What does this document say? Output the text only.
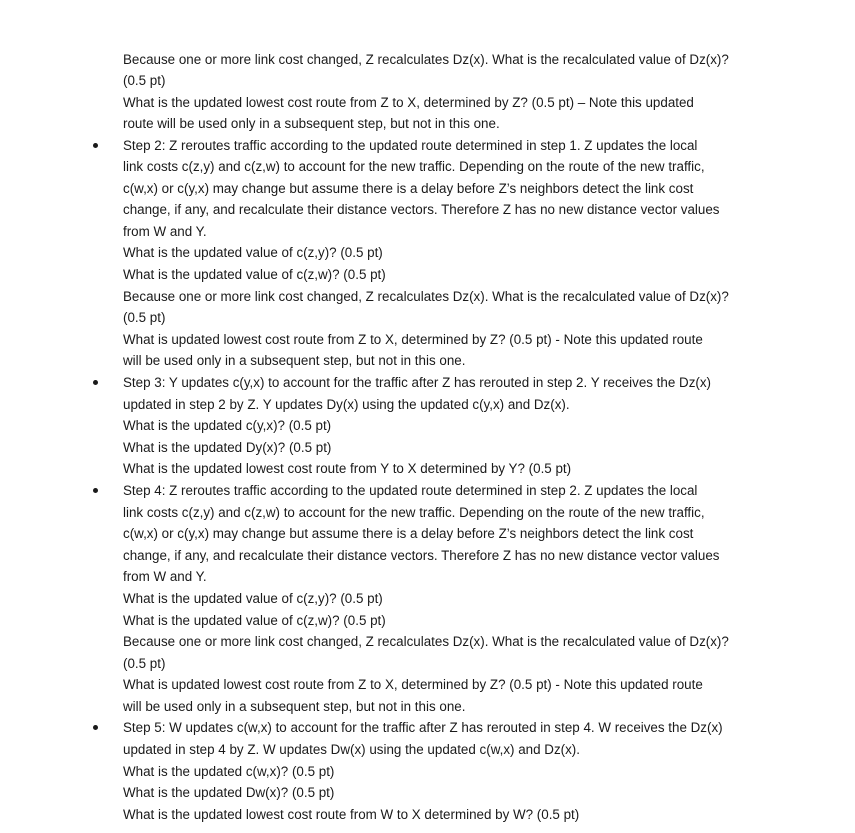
Because one or more link cost changed, Z recalculates Dz(x). What is the recalculated value of Dz(x)?
(0.5 pt)
What is the updated lowest cost route from Z to X, determined by Z? (0.5 pt) – Note this updated
route will be used only in a subsequent step, but not in this one.
Step 2: Z reroutes traffic according to the updated route determined in step 1. Z updates the local
link costs c(z,y) and c(z,w) to account for the new traffic. Depending on the route of the new traffic,
c(w,x) or c(y,x) may change but assume there is a delay before Z’s neighbors detect the link cost
change, if any, and recalculate their distance vectors. Therefore Z has no new distance vector values
from W and Y.
What is the updated value of c(z,y)? (0.5 pt)
What is the updated value of c(z,w)? (0.5 pt)
Because one or more link cost changed, Z recalculates Dz(x). What is the recalculated value of Dz(x)?
(0.5 pt)
What is updated lowest cost route from Z to X, determined by Z? (0.5 pt) - Note this updated route
will be used only in a subsequent step, but not in this one.
Step 3: Y updates c(y,x) to account for the traffic after Z has rerouted in step 2. Y receives the Dz(x)
updated in step 2 by Z. Y updates Dy(x) using the updated c(y,x) and Dz(x).
What is the updated c(y,x)? (0.5 pt)
What is the updated Dy(x)? (0.5 pt)
What is the updated lowest cost route from Y to X determined by Y? (0.5 pt)
Step 4: Z reroutes traffic according to the updated route determined in step 2. Z updates the local
link costs c(z,y) and c(z,w) to account for the new traffic. Depending on the route of the new traffic,
c(w,x) or c(y,x) may change but assume there is a delay before Z’s neighbors detect the link cost
change, if any, and recalculate their distance vectors. Therefore Z has no new distance vector values
from W and Y.
What is the updated value of c(z,y)? (0.5 pt)
What is the updated value of c(z,w)? (0.5 pt)
Because one or more link cost changed, Z recalculates Dz(x). What is the recalculated value of Dz(x)?
(0.5 pt)
What is updated lowest cost route from Z to X, determined by Z? (0.5 pt) - Note this updated route
will be used only in a subsequent step, but not in this one.
Step 5: W updates c(w,x) to account for the traffic after Z has rerouted in step 4. W receives the Dz(x)
updated in step 4 by Z. W updates Dw(x) using the updated c(w,x) and Dz(x).
What is the updated c(w,x)? (0.5 pt)
What is the updated Dw(x)? (0.5 pt)
What is the updated lowest cost route from W to X determined by W? (0.5 pt)
